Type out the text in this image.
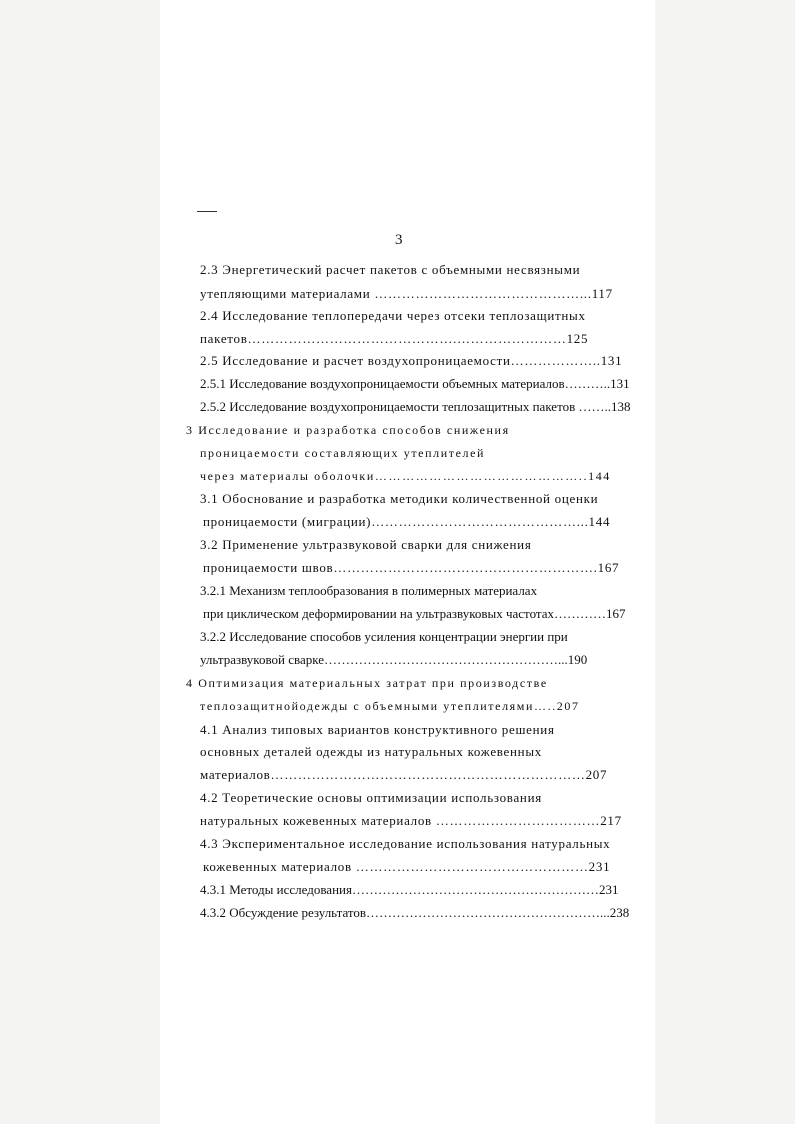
3
2.3 Энергетический расчет пакетов с объемными несвязными
утепляющими материалами ………………………………………...117
2.4 Исследование теплопередачи через отсеки теплозащитных
пакетов……………………………………….……………………125
2.5 Исследование и расчет воздухопроницаемости………………..131
2.5.1 Исследование воздухопроницаемости объемных материалов………..131
2.5.2 Исследование воздухопроницаемости теплозащитных пакетов ……..138
3 Исследование и разработка способов снижения
проницаемости составляющих утеплителей
через материалы оболочки………………………………………..144
3.1 Обоснование и разработка методики количественной оценки
проницаемости (миграции)………………………………………...144
3.2 Применение ультразвуковой сварки для снижения
проницаемости швов………………………………………………….167
3.2.1 Механизм теплообразования в полимерных материалах
при циклическом деформировании на ультразвуковых частотах…………167
3.2.2 Исследование способов усиления концентрации энергии при
ультразвуковой сварке………………………………………………...190
4 Оптимизация материальных затрат при производстве
теплозащитнойодежды с объемными утеплителями…..207
4.1 Анализ типовых вариантов конструктивного решения
основных деталей одежды из натуральных кожевенных
материалов……………………………………………………………207
4.2 Теоретические основы оптимизации использования
натуральных кожевенных материалов ………………………………217
4.3 Экспериментальное исследование использования натуральных
кожевенных материалов ……………………………………………231
4.3.1 Методы исследования…………………………………………………231
4.3.2 Обсуждение результатов………………………………………………...238
